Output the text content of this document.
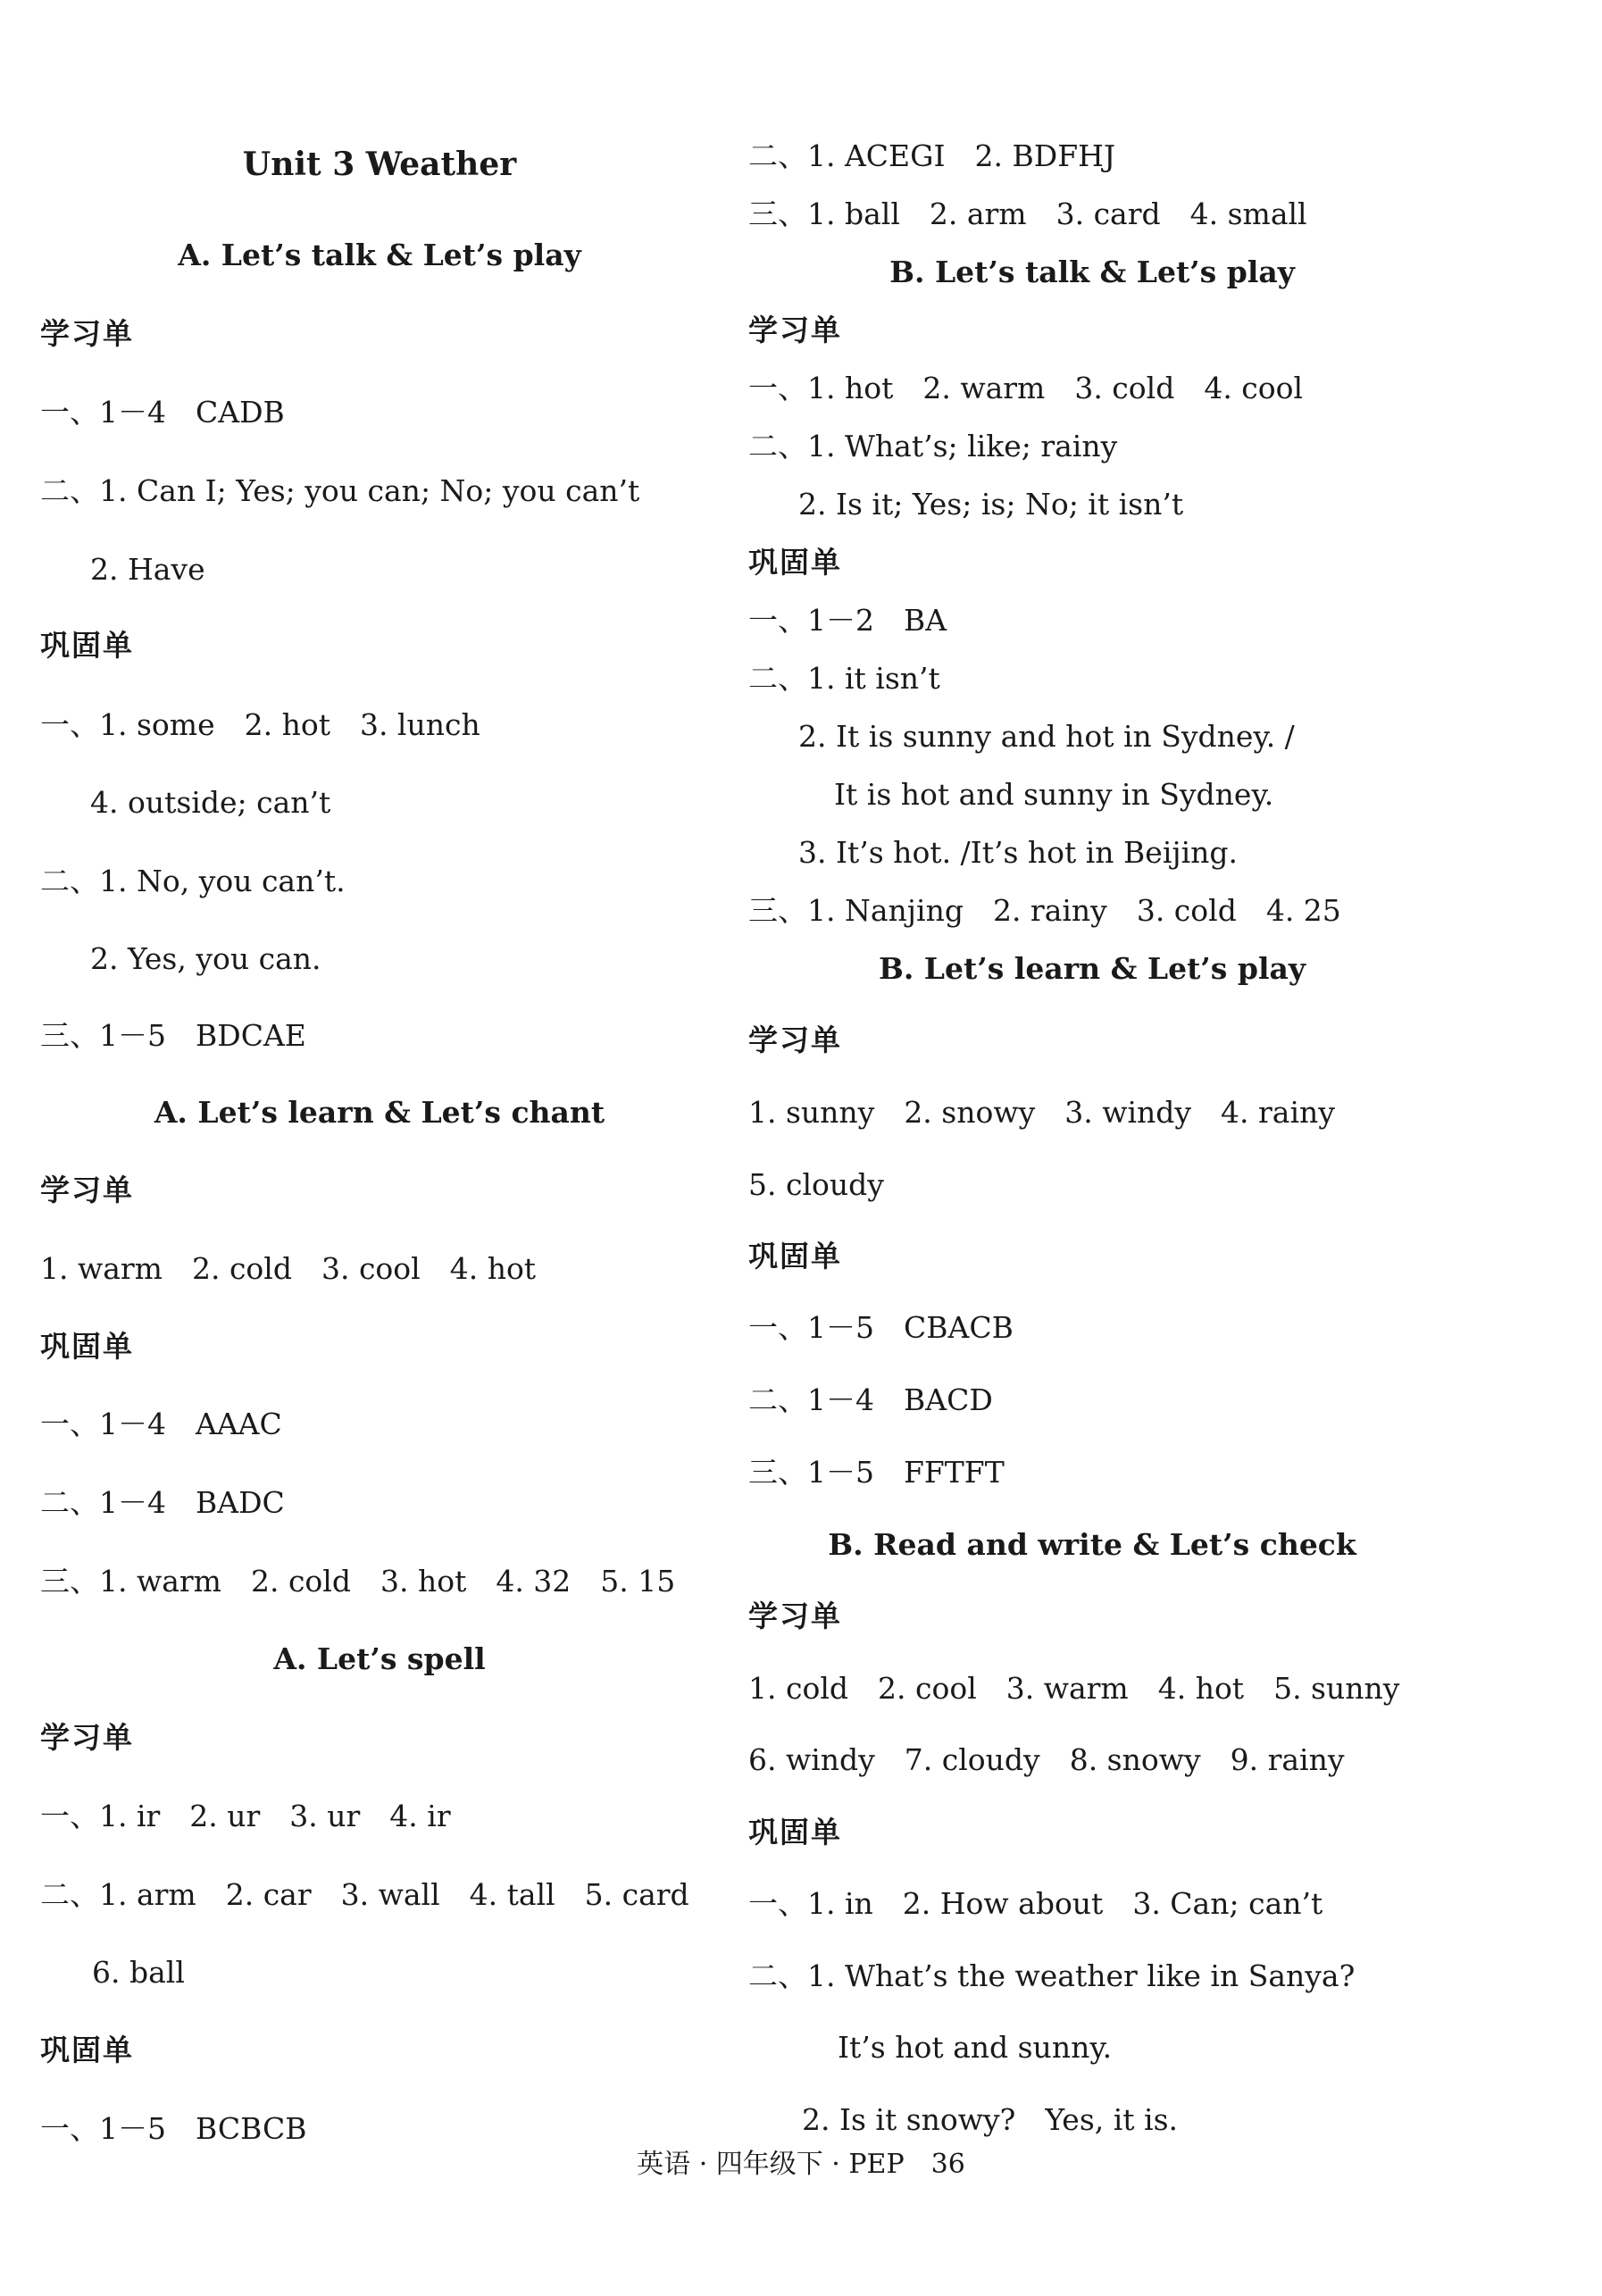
Unit 3 Weather
A. Let’s talk & Let’s play
学习单
一、1－4　CADB
二、1. Can I; Yes; you can; No; you can’t
2. Have
巩固单
一、1. some　2. hot　3. lunch
4. outside; can’t
二、1. No, you can’t.
2. Yes, you can.
三、1－5　BDCAE
A. Let’s learn & Let’s chant
学习单
1. warm　2. cold　3. cool　4. hot
巩固单
一、1－4　AAAC
二、1－4　BADC
三、1. warm　2. cold　3. hot　4. 32　5. 15
A. Let’s spell
学习单
一、1. ir　2. ur　3. ur　4. ir
二、1. arm　2. car　3. wall　4. tall　5. card
6. ball
巩固单
一、1－5　BCBCB
二、1. ACEGI　2. BDFHJ
三、1. ball　2. arm　3. card　4. small
B. Let’s talk & Let’s play
学习单
一、1. hot　2. warm　3. cold　4. cool
二、1. What’s; like; rainy
2. Is it; Yes; is; No; it isn’t
巩固单
一、1－2　BA
二、1. it isn’t
2. It is sunny and hot in Sydney. /
It is hot and sunny in Sydney.
3. It’s hot. /It’s hot in Beijing.
三、1. Nanjing　2. rainy　3. cold　4. 25
B. Let’s learn & Let’s play
学习单
1. sunny　2. snowy　3. windy　4. rainy
5. cloudy
巩固单
一、1－5　CBACB
二、1－4　BACD
三、1－5　FFTFT
B. Read and write & Let’s check
学习单
1. cold　2. cool　3. warm　4. hot　5. sunny
6. windy　7. cloudy　8. snowy　9. rainy
巩固单
一、1. in　2. How about　3. Can; can’t
二、1. What’s the weather like in Sanya?
It’s hot and sunny.
2. Is it snowy?　Yes, it is.
英语 · 四年级下 · PEP　36
